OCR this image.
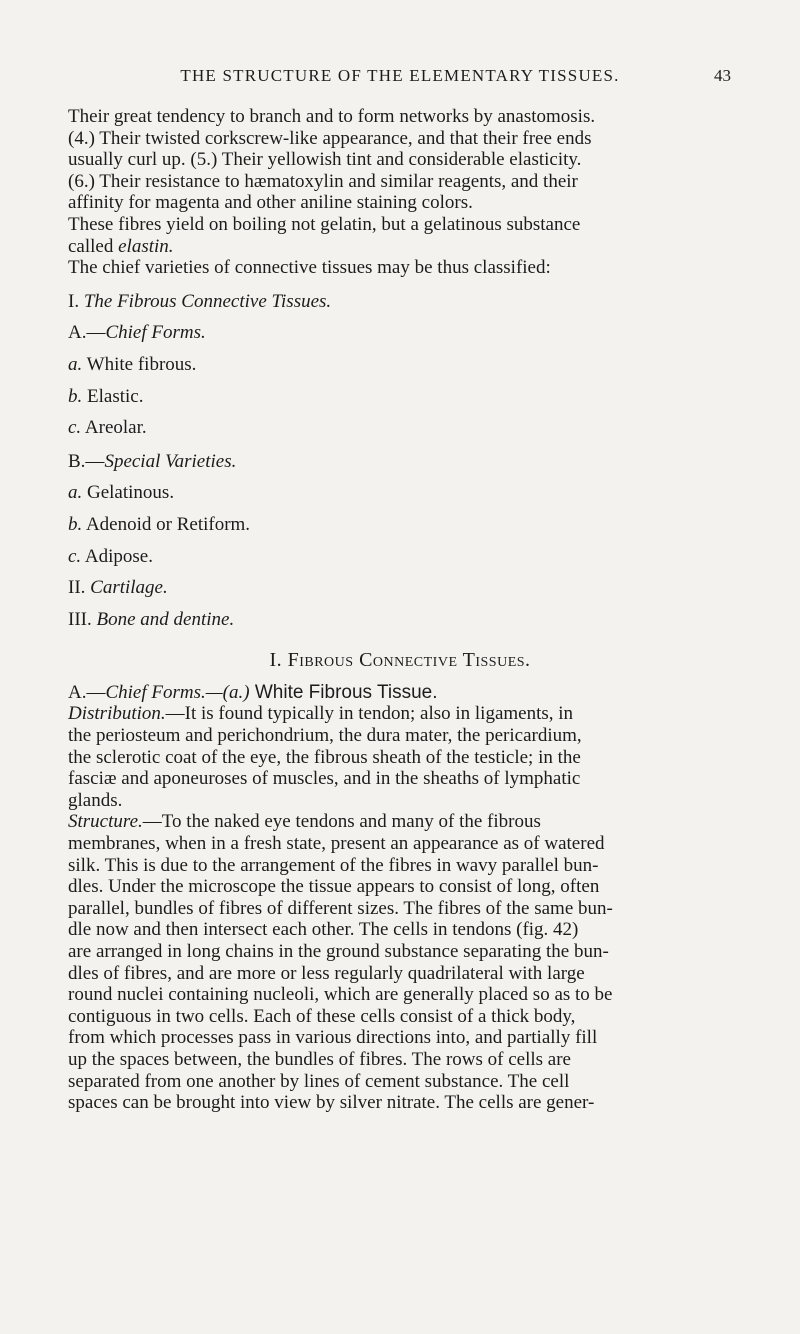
THE STRUCTURE OF THE ELEMENTARY TISSUES.	43

Their great tendency to branch and to form networks by anastomosis.

(4.) Their twisted corkscrew-like appearance, and that their free ends

usually curl up. (5.) Their yellowish tint and considerable elasticity.

(6.) Their resistance to hæmatoxylin and similar reagents, and their

affinity for magenta and other aniline staining colors.

These fibres yield on boiling not gelatin, but a gelatinous substance

called elastin.

The chief varieties of connective tissues may be thus classified:

I. The Fibrous Connective Tissues.

A.—Chief Forms.

a. White fibrous.

b. Elastic.

c. Areolar.

B.—Special Varieties.

a. Gelatinous.

b. Adenoid or Retiform.

c. Adipose.

II. Cartilage.

III. Bone and dentine.

I. Fibrous Connective Tissues.

A.—Chief Forms.—(a.) White Fibrous Tissue.

Distribution.—It is found typically in tendon; also in ligaments, in

the periosteum and perichondrium, the dura mater, the pericardium,

the sclerotic coat of the eye, the fibrous sheath of the testicle; in the

fasciæ and aponeuroses of muscles, and in the sheaths of lymphatic

glands.

Structure.—To the naked eye tendons and many of the fibrous

membranes, when in a fresh state, present an appearance as of watered

silk. This is due to the arrangement of the fibres in wavy parallel bun-

dles. Under the microscope the tissue appears to consist of long, often

parallel, bundles of fibres of different sizes. The fibres of the same bun-

dle now and then intersect each other. The cells in tendons (fig. 42)

are arranged in long chains in the ground substance separating the bun-

dles of fibres, and are more or less regularly quadrilateral with large

round nuclei containing nucleoli, which are generally placed so as to be

contiguous in two cells. Each of these cells consist of a thick body,

from which processes pass in various directions into, and partially fill

up the spaces between, the bundles of fibres. The rows of cells are

separated from one another by lines of cement substance. The cell

spaces can be brought into view by silver nitrate. The cells are gener-
